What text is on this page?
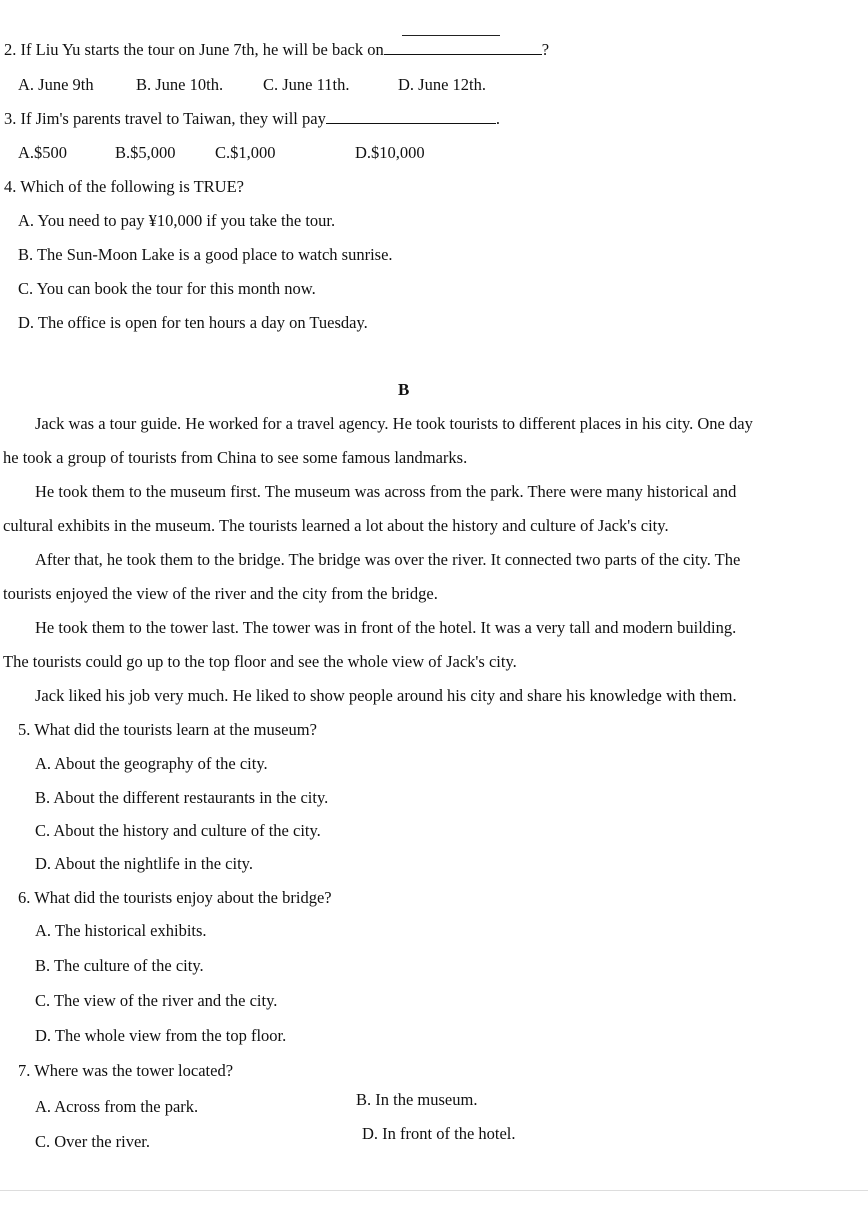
2. If Liu Yu starts the tour on June 7th, he will be back on	?
A. June 9th	B. June 10th. C. June 11th.	D. June 12th.
3. If Jim's parents travel to Taiwan, they will pay	.
A.$500	B.$5,000 C.$1,000	D.$10,000
4. Which of the following is TRUE?
A. You need to pay ¥10,000 if you take the tour.
B. The Sun-Moon Lake is a good place to watch sunrise.
C. You can book the tour for this month now.
D. The office is open for ten hours a day on Tuesday.
B
Jack was a tour guide. He worked for a travel agency. He took tourists to different places in his city. One day
he took a group of tourists from China to see some famous landmarks.
He took them to the museum first. The museum was across from the park. There were many historical and
cultural exhibits in the museum. The tourists learned a lot about the history and culture of Jack's city.
After that, he took them to the bridge. The bridge was over the river. It connected two parts of the city. The
tourists enjoyed the view of the river and the city from the bridge.
He took them to the tower last. The tower was in front of the hotel. It was a very tall and modern building.
The tourists could go up to the top floor and see the whole view of Jack's city.
Jack liked his job very much. He liked to show people around his city and share his knowledge with them.
5. What did the tourists learn at the museum?
A. About the geography of the city.
B. About the different restaurants in the city.
C. About the history and culture of the city.
D. About the nightlife in the city.
6. What did the tourists enjoy about the bridge?
A. The historical exhibits.
B. The culture of the city.
C. The view of the river and the city.
D. The whole view from the top floor.
7. Where was the tower located?
A. Across from the park.	B. In the museum.
C. Over the river.	D. In front of the hotel.
